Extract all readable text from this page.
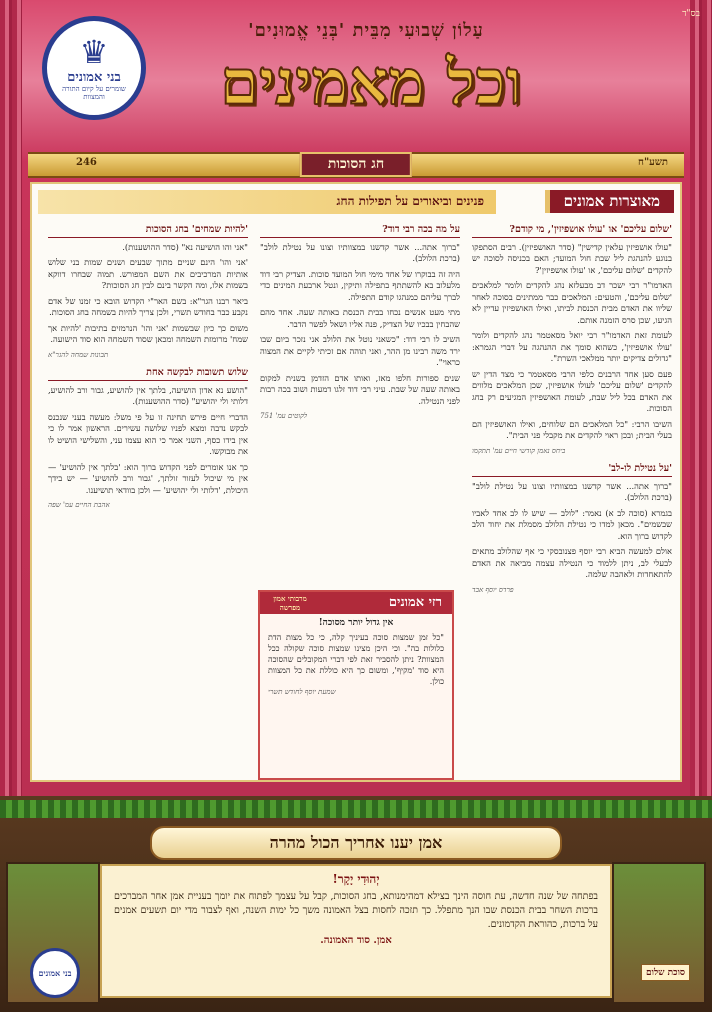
בס"ד
עַלוֹן שְׁבוּעִי מִבֵּית 'בְּנֵי אֱמוּנִים'
וכל מאמינים
♛
בני אמונים
שומרים על קיום התורה והמצוות
תשע"ח
חג הסוכות
246
מאוצרות אמונים
פנינים וביאורים על תפילות החג
'שלום עליכם' או 'עולו אושפיזין', מי קודם?

"עולו אושפיזין עלאין קדישין" (סדר האושפיזין). רבים הסתפקו בנוגע להנהגת ליל שבת חול המועד; האם בכניסה לסוכה יש להקדים 'שלום עליכם', או 'עולו אושפיזין'?

האדמו"ר רבי ישכר דב מבעלזא נהג להקדים ולומר למלאכים 'שלום עליכם', והטעים: המלאכים כבר ממתינים בסוכה לאחר שליוו את האדם מבית הכנסת לביתו, ואילו האושפיזין עדיין לא הגיעו, שכן סרס הזמנה אותם.

לעומת זאת האדמו"ר רבי יואל מסאטמר נהג להקדים ולומר 'עולו אושפיזין', כשהוא סומך את ההנהגה על דברי הגמרא: "גדולים צדיקים יותר ממלאכי השרת".

פעם סען אחד הרבנים כלפי הרבי מסאטמר כי מצד הדין יש להקדים 'שלום עליכם' לעולו אושפיזין, שכן המלאכים מלווים את האדם בכל ליל שבת, לעומת האושפיזין המגיעים רק בחג הסוכות.

השיבו הרבי: "כל המלאכים הם שלוחים, ואילו האושפיזין הם בעלי הבית; ובכן ראוי להקדים את מקבלי פני הבית".

ביחס נאמן קודשי חיים עמ' תתקמו
'על נטילת לו-לב'

"ברוך אתה... אשר קדשנו במצוותיו וצונו על נטילת לולב" (ברכת הלולב).

בגמרא (סוכה לב א) נאמר: "לולב — שיש לו לב אחד לאביו שבשמים". מכאן למדו כי נטילת הלולב מסמלת את יחוד הלב לקדוש ברוך הוא.

אולם למעשה הביא רבי יוסף פצנובסקי כי אף שהלולב מתאים לבעלי לב, ניתן ללמוד כי הנטילה עצמה מביאה את האדם להתאחדות ולאהבה שלמה.

פרדס יוסף אבד
על מה בכה רבי דוד?

"ברוך אתה... אשר קדשנו במצוותיו וצונו על נטילת לולב" (ברכת הלולב).

היה זה בבוקרו של אחד מימי חול המועד סוכות. הצדיק רבי דוד מלעלוב בא להשתתף בתפילה ותיקין, ונטל ארבעת המינים כדי לברך עליהם כמנהגו קודם התפילה.

מתי מעט אנשים נכחו בבית הכנסת באותה שעה. אחד מהם שהבחין בבכיו של הצדיק, פנה אליו ושאל לפשר הדבר.

השיב לו רבי דוד: "כשאני נוטל את הלולב אני נזכר ביום שבו ירד משה רבינו מן ההר, ואני תוהה אם זכיתי לקיים את המצוה כראוי".

שנים ספורות חלפו מאז, ואותו אדם הזדמן בשנית למקום באותה שעה של שבת. עיני רבי דוד זלגו דמעות ושוב בכה רבות לפני הנטילה.

לקוטים עמ' 751
'להיות שמחים' בחג הסוכות

"אני והו הושיעה נא" (סדר ההושענות).

'אני והו' הינם שניים מתוך שבעים ושנים שמות בני שלוש אותיות המרכיבים את השם המפורש. תמוה שבחרו דווקא בשמות אלו, ומה הקשר בינם לבין חג הסוכות?

ביאר רבנו הגר"א: בשם האר"י הקדוש הובא כי זמנו של אדם נקבע כבר בחודש תשרי, ולכן צריך להיות בשמחה בחג הסוכות.

משום כך כיון שבשמות 'אני והו' הנרמזים בתיבות 'להיות אך שמח' מרומזת השמחה ומכאן שסוד השמחה הוא סוד הישועה.

תבונות שמחה להגר"א
שלוש תשובות לבקשה אחת

"הושע נא אדון הושיעה, בלתך אין להושיע, גבור ורב להושיע, דלותי ולי יהושיע" (סדר ההושענות).

הדברי חיים פירש תחינה זו על פי משל: מעשה בעני שנכנס לבקש נדבה ומצא לפניו שלושה עשירים. הראשון אמר לו כי אין בידו כסף, השני אמר כי הוא עצמו עני, והשלישי הושיט לו את מבוקשו.

כך אנו אומרים לפני הקדוש ברוך הוא: 'בלתך אין להושיע' — אין מי שיכול לעזור זולתך, 'גבור ורב להושיע' — יש בידך היכולת, 'דלותי ולי יהושיע' — ולכן בוודאי תושיענו.

אהבת החיים עמ' שפה
רזי אמונים
מרבותי אמון מפרשה
אין גדול יותר מסוכה!
"כל זמן שמצות סוכה בעיניך קלה, כי כל מצות הדת כלולות בה". וכי היכן מצינו שמצות סוכה שקולה ככל המצוות? ניתן להסביר זאת לפי דברי המקובלים שהסוכה היא סוד 'מקיף', ומשום כך היא כוללת את כל המצוות כולן.
שמעת יוסף לחודש תשרי
אמן יענו אחריך הכול מהרה
סוכת שלום
יְהוּדִי יָקָר!
בפתחה של שנה חדשה, עת חוסה הינך בצילא דמהימנותא, בחג הסוכות, קבל על עצמך לפתוח את יומך בעניית אמן אחר המברכים ברכות השחר בבית הכנסת שבו הנך מתפלל. כך תזכה לחסות בצל האמונה משך כל ימות השנה, ואף לצבור מדי יום תשעים אמנים על ברכות, כהוראת הקדמונים.
אמן. סוד האמונה.
בני אמונים
